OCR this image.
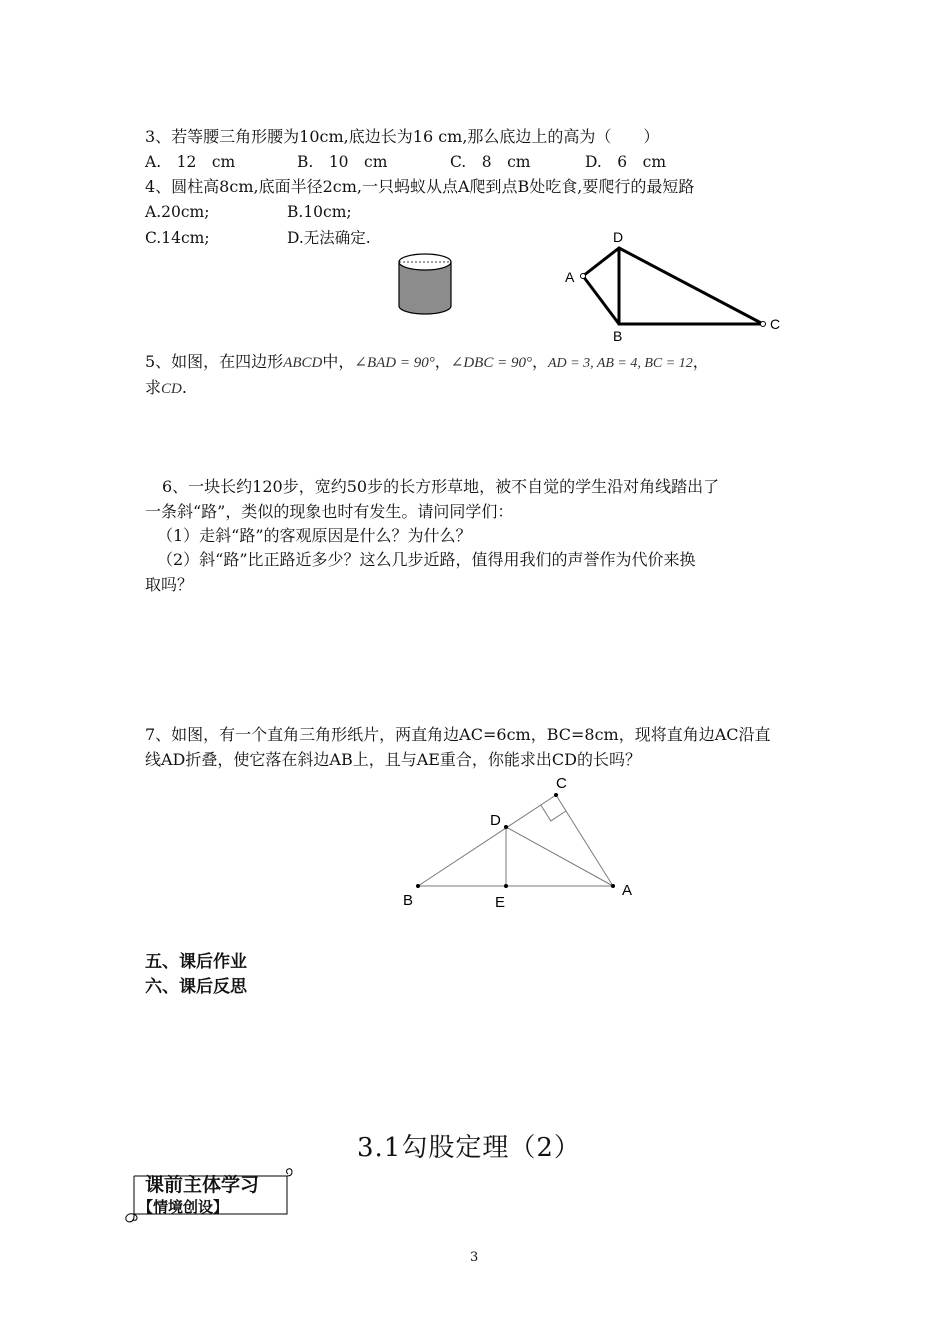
3、若等腰三角形腰为10cm,底边长为16 cm,那么底边上的高为（　　）
A.　12　cm	B.　10　cm	C.　8　cm	D.　6　cm
4、圆柱高8cm,底面半径2cm,一只蚂蚁从点A爬到点B处吃食,要爬行的最短路
A.20cm;	B.10cm;
C.14cm;	D.无法确定.	D
A
B
C
5、如图，在四边形ABCD中，∠BAD = 90°，∠DBC = 90°，AD = 3, AB = 4, BC = 12，
求CD.
6、一块长约120步，宽约50步的长方形草地，被不自觉的学生沿对角线踏出了
一条斜“路”，类似的现象也时有发生。请问同学们：
（1）走斜“路”的客观原因是什么？为什么？
（2）斜“路”比正路近多少？这么几步近路，值得用我们的声誉作为代价来换
取吗？
7、如图，有一个直角三角形纸片，两直角边AC=6cm，BC=8cm，现将直角边AC沿直
线AD折叠，使它落在斜边AB上，且与AE重合，你能求出CD的长吗？
C
D
B	E
A
五、课后作业
六、课后反思
3.1勾股定理（2）
课前主体学习
【情境创设】
3
